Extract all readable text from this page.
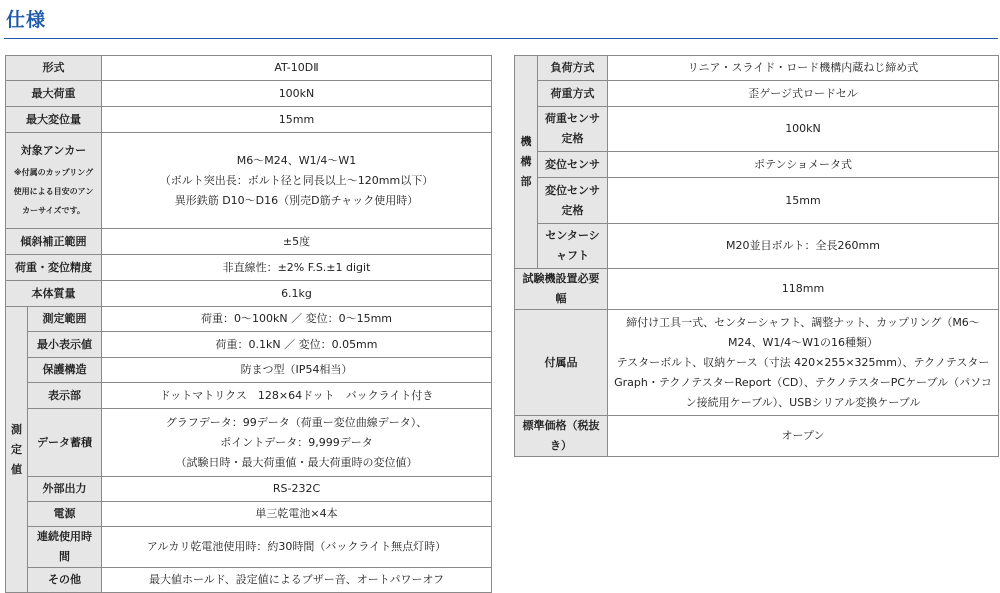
仕様
形式		AT-10DⅡ
最大荷重		100kN
最大変位量		15mm
対象アンカー
※付属のカップリング使用による目安のアンカーサイズです。		M6〜M24、W1/4〜W1
（ボルト突出長：ボルト径と同長以上〜120mm以下）
異形鉄筋 D10〜D16（別売D筋チャック使用時）
傾斜補正範囲		±5度
荷重・変位精度		非直線性：±2% F.S.±1 digit
本体質量		6.1kg
測定値	測定範囲	荷重：0〜100kN ／ 変位：0〜15mm
	最小表示値	荷重：0.1kN ／ 変位：0.05mm
	保護構造	防まつ型（IP54相当）
	表示部	ドットマトリクス　128×64ドット　バックライト付き
	データ蓄積	グラフデータ：99データ（荷重ー変位曲線データ）、
ポイントデータ：9,999データ
（試験日時・最大荷重値・最大荷重時の変位値）
	外部出力	RS-232C
	電源	単三乾電池×4本
	連続使用時間	アルカリ乾電池使用時：約30時間（バックライト無点灯時）
	その他	最大値ホールド、設定値によるブザー音、オートパワーオフ
機構部	負荷方式	リニア・スライド・ロード機構内蔵ねじ締め式
	荷重方式	歪ゲージ式ロードセル
	荷重センサ定格	100kN
	変位センサ	ポテンショメータ式
	変位センサ定格	15mm
	センターシャフト	M20並目ボルト：全長260mm
試験機設置必要幅		118mm
付属品		締付け工具一式、センターシャフト、調整ナット、カップリング（M6〜M24、W1/4〜W1の16種類）
テスターボルト、収納ケース（寸法 420×255×325mm）、テクノテスターGraph・テクノテスターReport（CD）、テクノテスターPCケーブル（パソコン接続用ケーブル）、USBシリアル変換ケーブル
標準価格（税抜き）		オープン
